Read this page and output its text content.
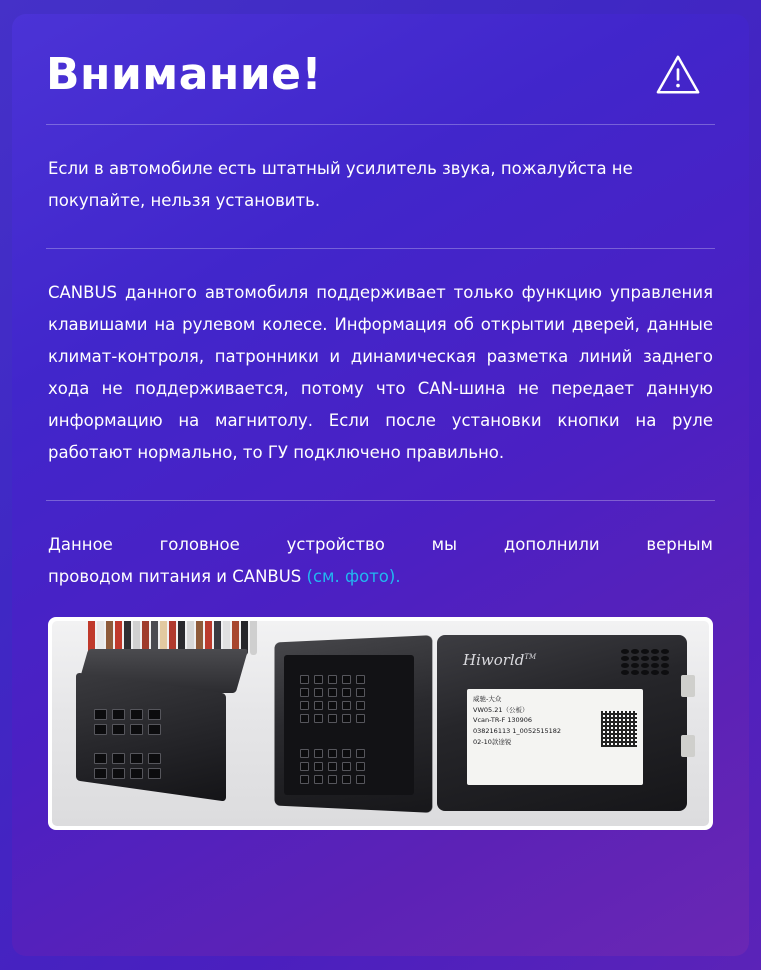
Внимание!
Если в автомобиле есть штатный усилитель звука, пожалуйста не покупайте, нельзя установить.
CANBUS данного автомобиля поддерживает только функцию управления клавишами на рулевом колесе. Информация об открытии дверей, данные климат-контроля, патронники и динамическая разметка линий заднего хода не поддерживается, потому что CAN-шина не передает данную информацию на магнитолу. Если после установки кнопки на руле работают нормально, то ГУ подключено правильно.
Данное головное устройство мы дополнили верным
проводом питания и CANBUS (см. фото).
Hiworld™
威驰-大众
VW05.21（公板）
Vcan-TR-F 130906
038216113 1_0052515182
02-10款途锐
